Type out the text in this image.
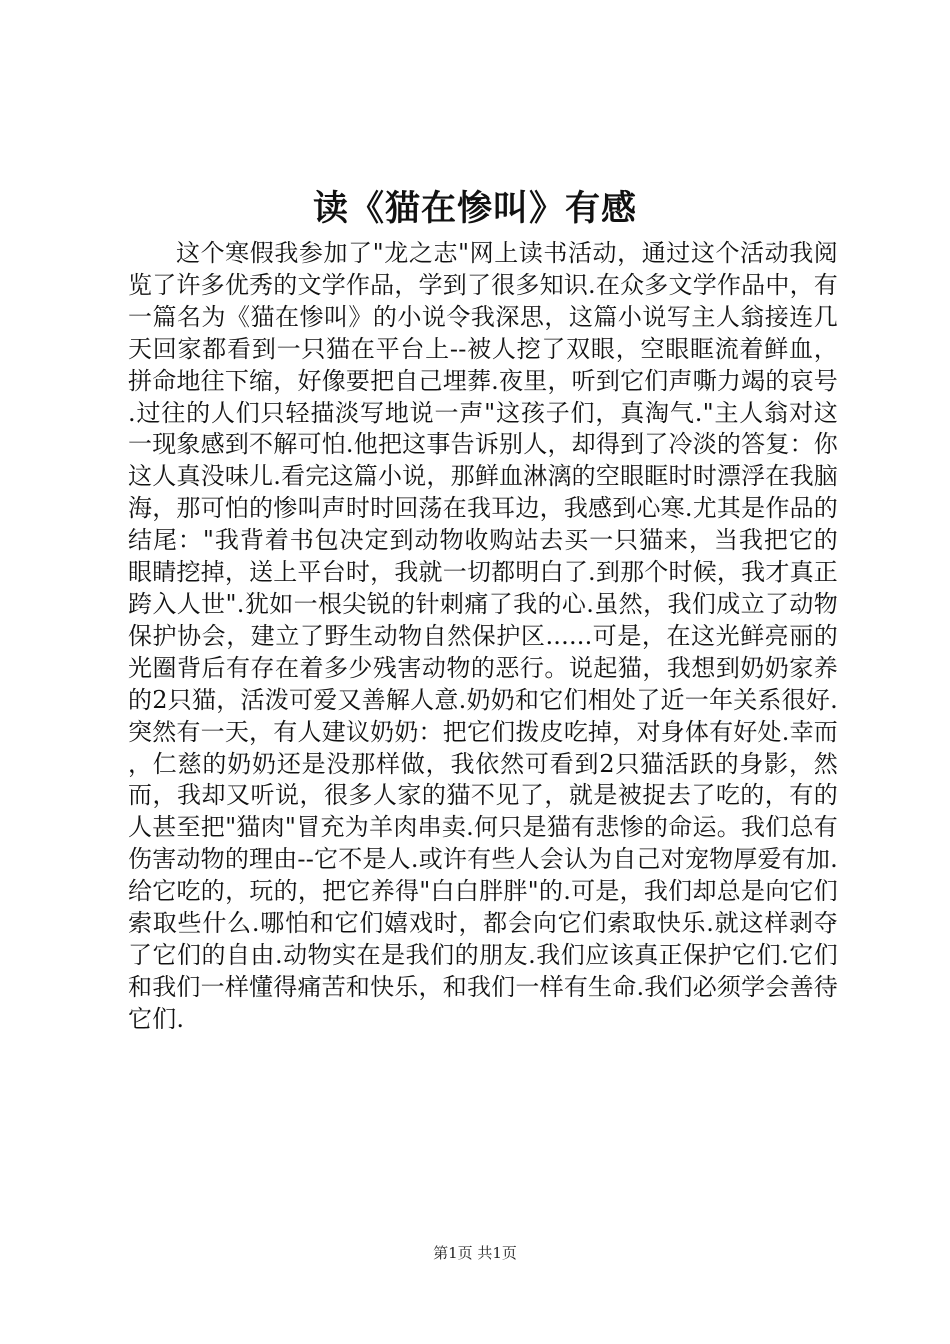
读《猫在惨叫》有感

这个寒假我参加了"龙之志"网上读书活动，通过这个活动我阅览了许多优秀的文学作品，学到了很多知识.在众多文学作品中，有一篇名为《猫在惨叫》的小说令我深思，这篇小说写主人翁接连几天回家都看到一只猫在平台上--被人挖了双眼，空眼眶流着鲜血，拼命地往下缩，好像要把自己埋葬.夜里，听到它们声嘶力竭的哀号.过往的人们只轻描淡写地说一声"这孩子们，真淘气."主人翁对这一现象感到不解可怕.他把这事告诉别人，却得到了冷淡的答复：你这人真没味儿.看完这篇小说，那鲜血淋漓的空眼眶时时漂浮在我脑海，那可怕的惨叫声时时回荡在我耳边，我感到心寒.尤其是作品的结尾："我背着书包决定到动物收购站去买一只猫来，当我把它的眼睛挖掉，送上平台时，我就一切都明白了.到那个时候，我才真正跨入人世".犹如一根尖锐的针刺痛了我的心.虽然，我们成立了动物保护协会，建立了野生动物自然保护区......可是，在这光鲜亮丽的光圈背后有存在着多少残害动物的恶行。说起猫，我想到奶奶家养的2只猫，活泼可爱又善解人意.奶奶和它们相处了近一年关系很好.突然有一天，有人建议奶奶：把它们拨皮吃掉，对身体有好处.幸而，仁慈的奶奶还是没那样做，我依然可看到2只猫活跃的身影，然而，我却又听说，很多人家的猫不见了，就是被捉去了吃的，有的人甚至把"猫肉"冒充为羊肉串卖.何只是猫有悲惨的命运。我们总有伤害动物的理由--它不是人.或许有些人会认为自己对宠物厚爱有加.给它吃的，玩的，把它养得"白白胖胖"的.可是，我们却总是向它们索取些什么.哪怕和它们嬉戏时，都会向它们索取快乐.就这样剥夺了它们的自由.动物实在是我们的朋友.我们应该真正保护它们.它们和我们一样懂得痛苦和快乐，和我们一样有生命.我们必须学会善待它们.

第1页 共1页
